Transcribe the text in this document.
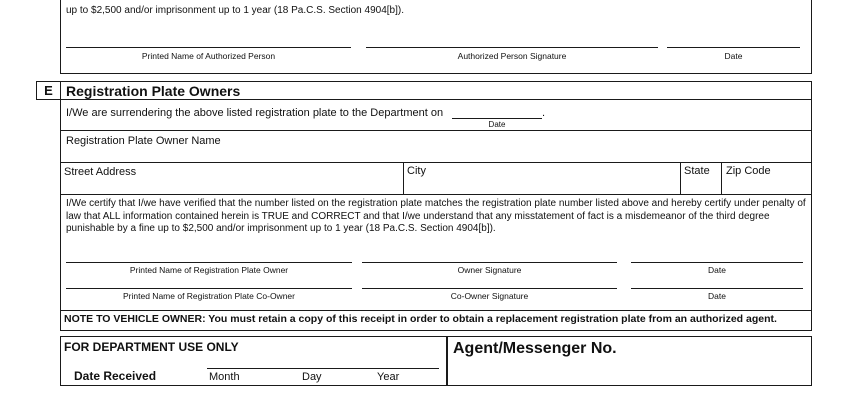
up to $2,500 and/or imprisonment up to 1 year (18 Pa.C.S. Section 4904[b]).
Printed Name of Authorized Person	Authorized Person Signature	Date
E Registration Plate Owners
I/We are surrendering the above listed registration plate to the Department on	.
Date
Registration Plate Owner Name
Street Address	City	State Zip Code
I/We certify that I/we have verified that the number listed on the registration plate matches the registration plate number listed above and hereby certify under penalty of law that ALL information contained herein is TRUE and CORRECT and that I/we understand that any misstatement of fact is a misdemeanor of the third degree punishable by a fine up to $2,500 and/or imprisonment up to 1 year (18 Pa.C.S. Section 4904[b]).
Printed Name of Registration Plate Owner	Owner Signature	Date
Printed Name of Registration Plate Co-Owner	Co-Owner Signature	Date
NOTE TO VEHICLE OWNER: You must retain a copy of this receipt in order to obtain a replacement registration plate from an authorized agent.
FOR DEPARTMENT USE ONLY
Date Received	Month	Day	Year
Agent/Messenger No.
